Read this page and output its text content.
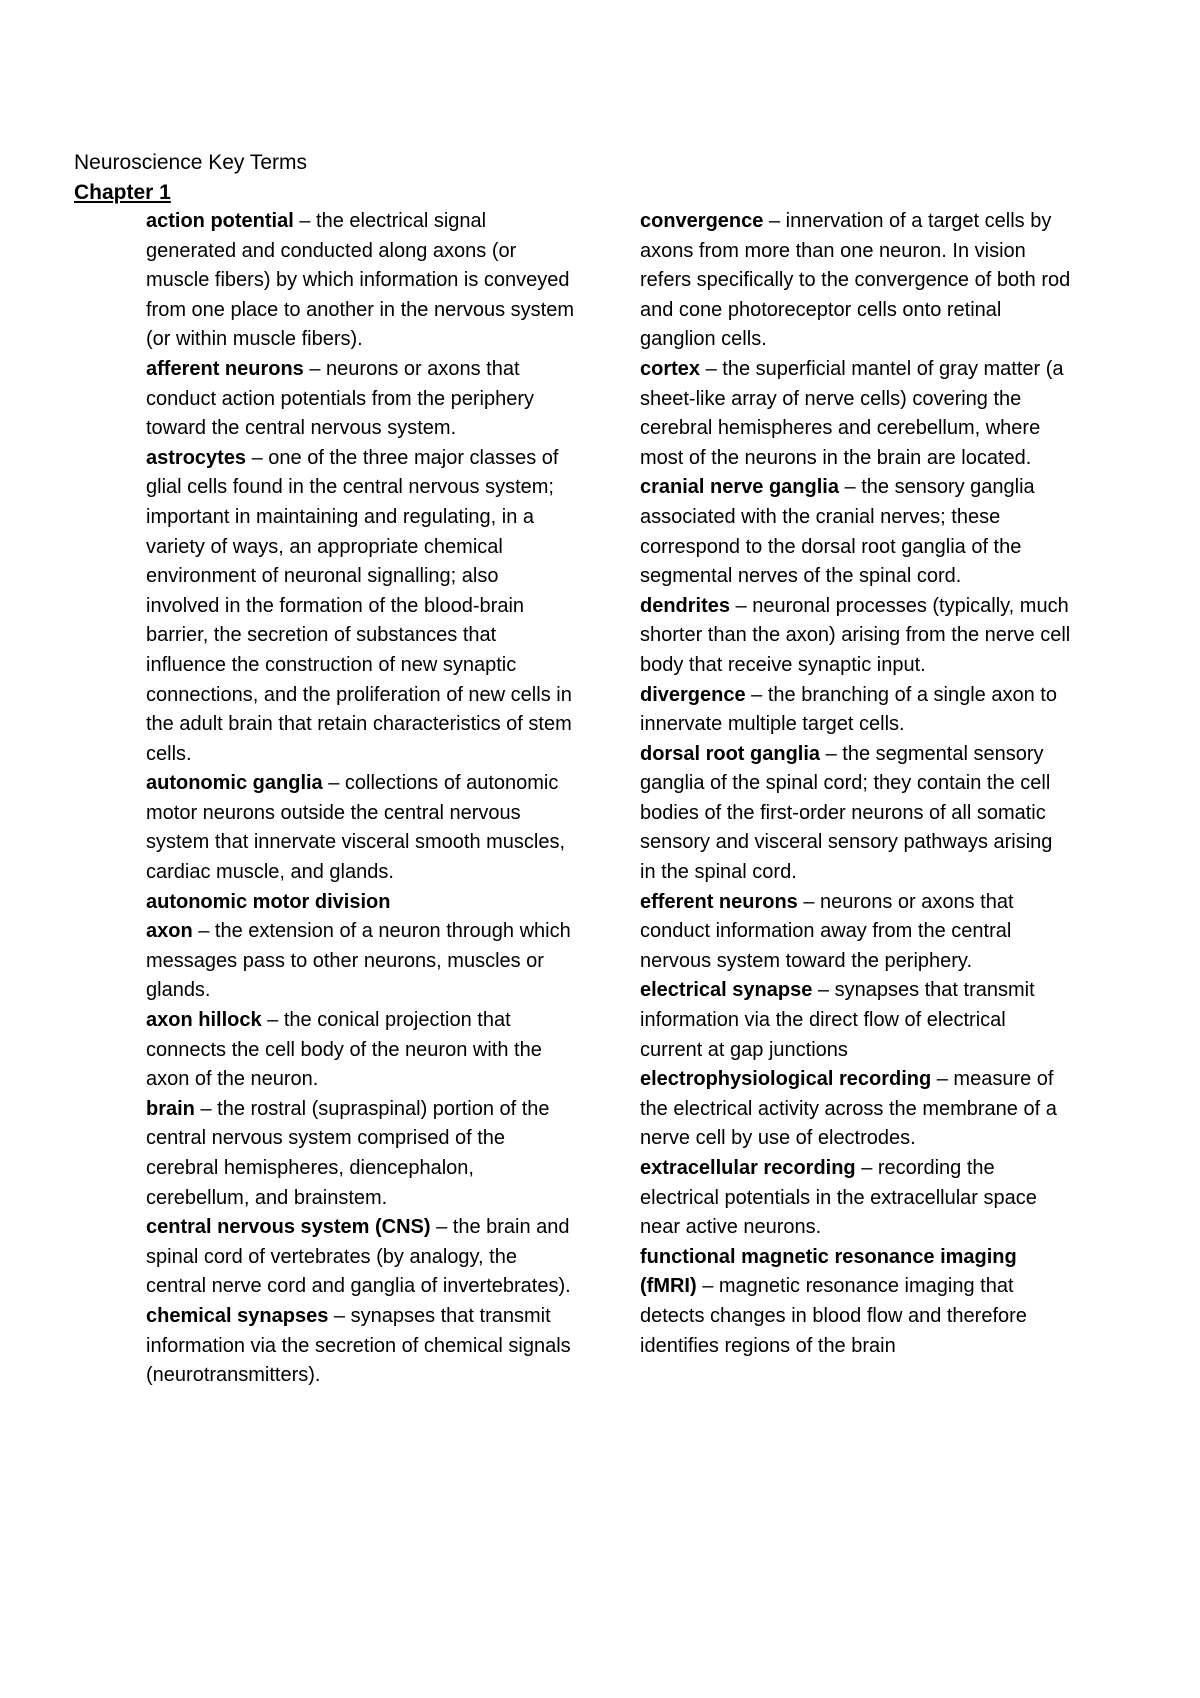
Neuroscience Key Terms
Chapter 1

action potential – the electrical signal generated and conducted along axons (or muscle fibers) by which information is conveyed from one place to another in the nervous system (or within muscle fibers).

afferent neurons – neurons or axons that conduct action potentials from the periphery toward the central nervous system.

astrocytes – one of the three major classes of glial cells found in the central nervous system; important in maintaining and regulating, in a variety of ways, an appropriate chemical environment of neuronal signalling; also involved in the formation of the blood-brain barrier, the secretion of substances that influence the construction of new synaptic connections, and the proliferation of new cells in the adult brain that retain characteristics of stem cells.

autonomic ganglia – collections of autonomic motor neurons outside the central nervous system that innervate visceral smooth muscles, cardiac muscle, and glands.

autonomic motor division

axon – the extension of a neuron through which messages pass to other neurons, muscles or glands.

axon hillock – the conical projection that connects the cell body of the neuron with the axon of the neuron.

brain – the rostral (supraspinal) portion of the central nervous system comprised of the cerebral hemispheres, diencephalon, cerebellum, and brainstem.

central nervous system (CNS) – the brain and spinal cord of vertebrates (by analogy, the central nerve cord and ganglia of invertebrates).

chemical synapses – synapses that transmit information via the secretion of chemical signals (neurotransmitters).

convergence – innervation of a target cells by axons from more than one neuron. In vision refers specifically to the convergence of both rod and cone photoreceptor cells onto retinal ganglion cells.

cortex – the superficial mantel of gray matter (a sheet-like array of nerve cells) covering the cerebral hemispheres and cerebellum, where most of the neurons in the brain are located.

cranial nerve ganglia – the sensory ganglia associated with the cranial nerves; these correspond to the dorsal root ganglia of the segmental nerves of the spinal cord.

dendrites – neuronal processes (typically, much shorter than the axon) arising from the nerve cell body that receive synaptic input.

divergence – the branching of a single axon to innervate multiple target cells.

dorsal root ganglia – the segmental sensory ganglia of the spinal cord; they contain the cell bodies of the first-order neurons of all somatic sensory and visceral sensory pathways arising in the spinal cord.

efferent neurons – neurons or axons that conduct information away from the central nervous system toward the periphery.

electrical synapse – synapses that transmit information via the direct flow of electrical current at gap junctions

electrophysiological recording – measure of the electrical activity across the membrane of a nerve cell by use of electrodes.

extracellular recording – recording the electrical potentials in the extracellular space near active neurons.

functional magnetic resonance imaging (fMRI) – magnetic resonance imaging that detects changes in blood flow and therefore identifies regions of the brain
